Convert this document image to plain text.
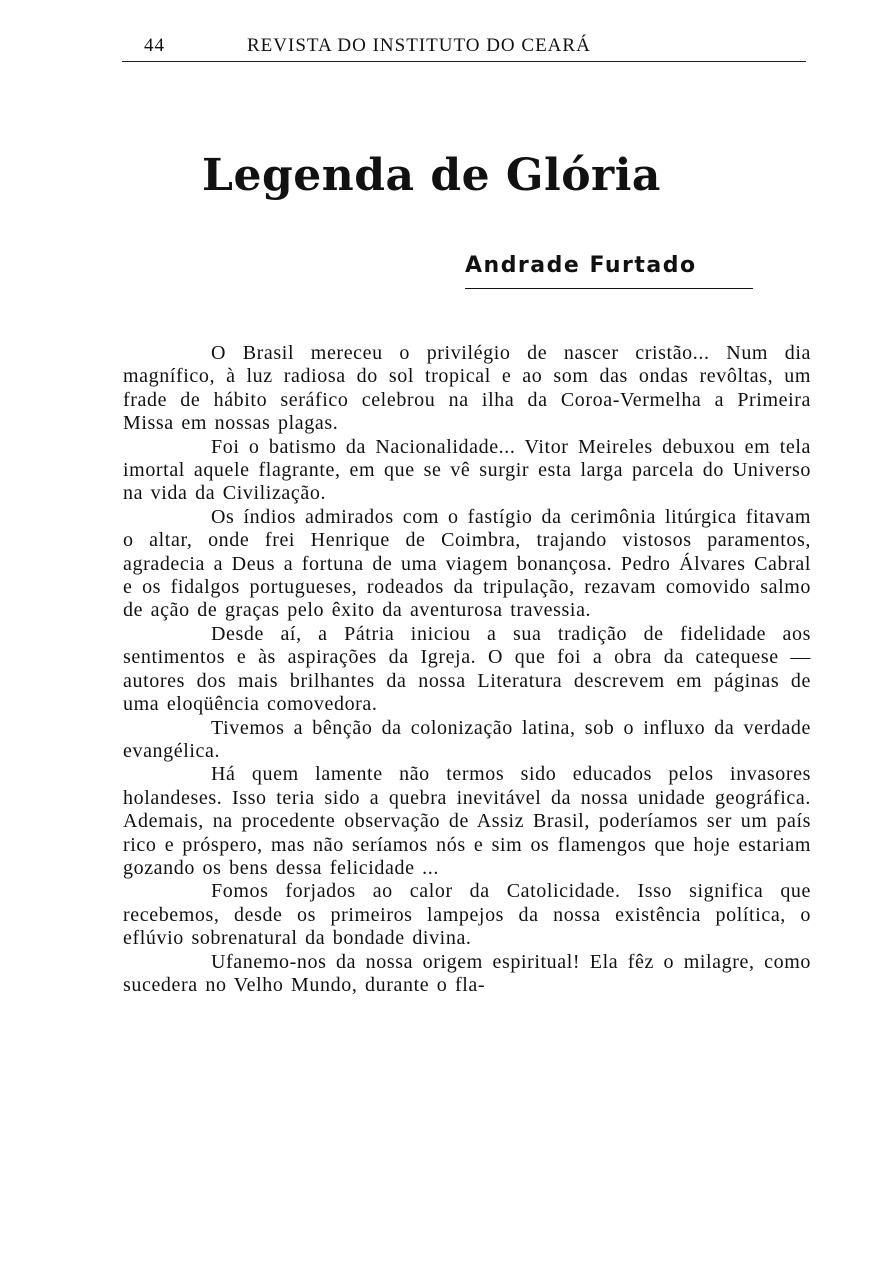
44	REVISTA DO INSTITUTO DO CEARÁ
Legenda de Glória
Andrade Furtado

O Brasil mereceu o privilégio de nascer cristão... Num dia magnífico, à luz radiosa do sol tropical e ao som das ondas revôltas, um frade de hábito seráfico celebrou na ilha da Coroa-Vermelha a Primeira Missa em nossas plagas.

Foi o batismo da Nacionalidade... Vitor Meireles debuxou em tela imortal aquele flagrante, em que se vê surgir esta larga parcela do Universo na vida da Civilização.

Os índios admirados com o fastígio da cerimônia litúrgica fitavam o altar, onde frei Henrique de Coimbra, trajando vistosos paramentos, agradecia a Deus a fortuna de uma viagem bonançosa. Pedro Álvares Cabral e os fidalgos portugueses, rodeados da tripulação, rezavam comovido salmo de ação de graças pelo êxito da aventurosa travessia.

Desde aí, a Pátria iniciou a sua tradição de fidelidade aos sentimentos e às aspirações da Igreja. O que foi a obra da catequese — autores dos mais brilhantes da nossa Literatura descrevem em páginas de uma eloqüência comovedora.

Tivemos a bênção da colonização latina, sob o influxo da verdade evangélica.

Há quem lamente não termos sido educados pelos invasores holandeses. Isso teria sido a quebra inevitável da nossa unidade geográfica. Ademais, na procedente observação de Assiz Brasil, poderíamos ser um país rico e próspero, mas não seríamos nós e sim os flamengos que hoje estariam gozando os bens dessa felicidade ...

Fomos forjados ao calor da Catolicidade. Isso significa que recebemos, desde os primeiros lampejos da nossa existência política, o eflúvio sobrenatural da bondade divina.

Ufanemo-nos da nossa origem espiritual! Ela fêz o milagre, como sucedera no Velho Mundo, durante o fla-
